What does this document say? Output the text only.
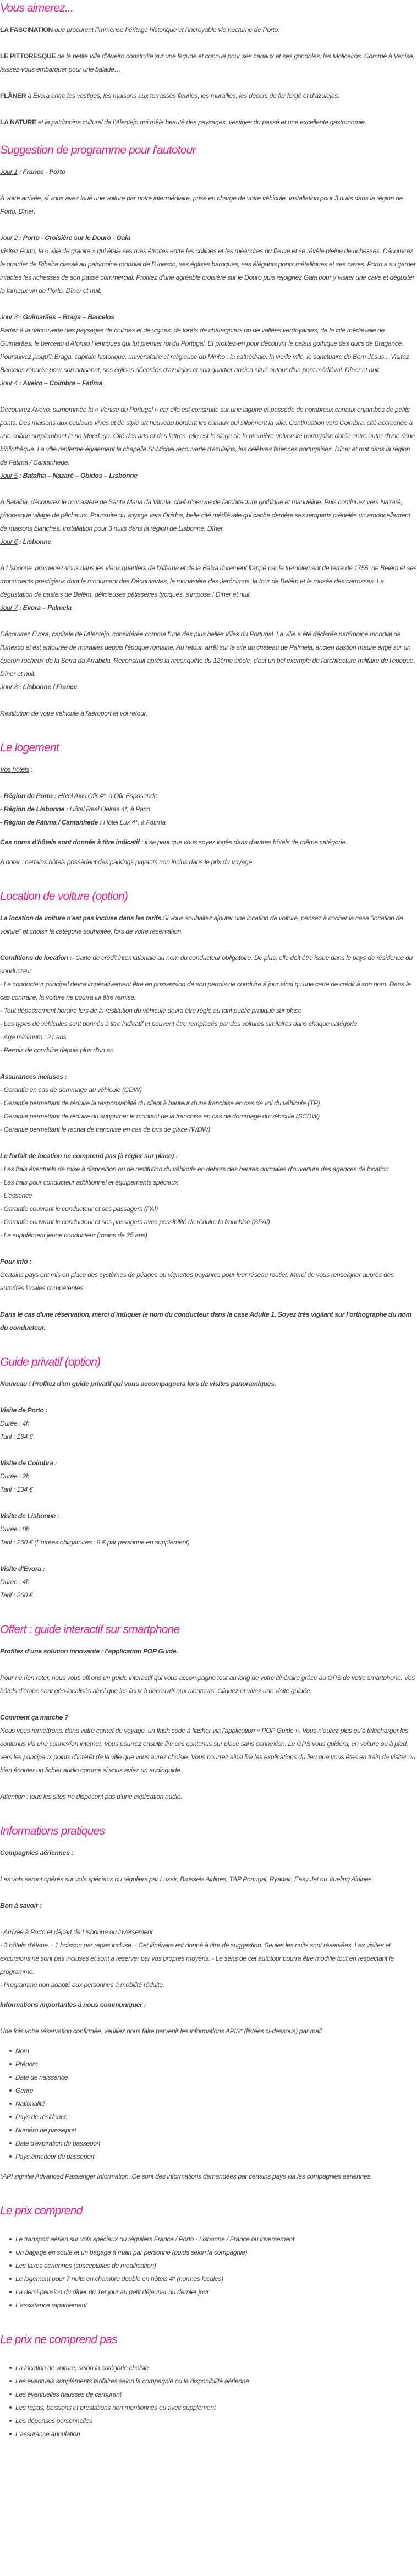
Vous aimerez...

LA FASCINATION que procurent l’immense héritage historique et l’incroyable vie nocturne de Porto.

LE PITTORESQUE de la petite ville d’Aveiro construite sur une lagune et connue pour ses canaux et ses gondoles, les Moliceiros. Comme à Venise, laissez-vous embarquer pour une balade…

FLÂNER à Évora entre les vestiges, les maisons aux terrasses fleuries, les murailles, les décors de fer forgé et d’azulejos.

LA NATURE et le patrimoine culturel de l’Alentejo qui mêle beauté des paysages, vestiges du passé et une excellente gastronomie.

Suggestion de programme pour l'autotour

Jour 1 : France - Porto

À votre arrivée, si vous avez loué une voiture par notre intermédiaire, prise en charge de votre véhicule. Installation pour 3 nuits dans la région de Porto. Dîner.

Jour 2 : Porto - Croisière sur le Douro - Gaia

Visitez Porto, la « ville de granite » qui étale ses rues étroites entre les collines et les méandres du fleuve et se révèle pleine de richesses. Découvrez le quartier de Ribeira classé au patrimoine mondial de l'Unesco, ses églises baroques, ses élégants ponts métalliques et ses caves. Porto a su garder intactes les richesses de son passé commercial. Profitez d'une agréable croisière sur le Douro puis rejoignez Gaia pour y visiter une cave et déguster le fameux vin de Porto. Dîner et nuit.

Jour 3 : Guimarães – Braga – Barcelos

Partez à la découverte des paysages de collines et de vignes, de forêts de châtaigniers ou de vallées verdoyantes, de la cité médiévale de Guimarães, le berceau d'Afonso Henriques qui fut premier roi du Portugal. Et profitez-en pour découvrir le palais gothique des ducs de Bragance. Poursuivez jusqu'à Braga, capitale historique, universitaire et religieuse du Minho : la cathédrale, la vieille ville, le sanctuaire du Bom Jésus... Visitez Barcelos réputée pour son artisanat, ses églises décorées d'azulejos et son quartier ancien situé autour d'un pont médiéval. Dîner et nuit.

Jour 4 : Aveiro – Coimbra – Fatima

Découvrez Aveiro, surnommée la « Venise du Portugal » car elle est construite sur une lagune et possède de nombreux canaux enjambés de petits ponts. Des maisons aux couleurs vives et de style art nouveau bordent les canaux qui sillonnent la ville. Continuation vers Coimbra, cité accrochée à une colline surplombant le rio Mondego. Cité des arts et des lettres, elle est le siège de la première université portugaise dotée entre autre d'une riche bibliothèque. La ville renferme également la chapelle St-Michel recouverte d'azulejos, les célèbres faïences portugaises. Dîner et nuit dans la région de Fátima / Cantanhede.

Jour 5 : Batalha – Nazaré – Obidos – Lisbonne

À Batalha, découvrez le monastère de Santa Maria da Vitoria, chef-d'oeuvre de l'architecture gothique et manuéline. Puis continuez vers Nazaré, pittoresque village de pêcheurs. Poursuite du voyage vers Obidos, belle cité médiévale qui cache derrière ses remparts crénelés un amoncellement de maisons blanches. Installation pour 3 nuits dans la région de Lisbonne. Dîner.

Jour 6 : Lisbonne

À Lisbonne, promenez-vous dans les vieux quartiers de l'Alfama et de la Baixa durement frappé par le tremblement de terre de 1755, de Belém et ses monuments prestigieux dont le monument des Découvertes, le monastère des Jerónimos, la tour de Belém et le musée des carrosses. La dégustation de pastéis de Belém, délicieuses pâtisseries typiques, s'impose ! Dîner et nuit.

Jour 7 : Evora – Palmela

Découvrez Évora, capitale de l'Alentejo, considérée comme l'une des plus belles villes du Portugal. La ville a été déclarée patrimoine mondial de l'Unesco et est entourée de murailles depuis l'époque romaine. Au retour, arrêt sur le site du château de Palmela, ancien bastion maure érigé sur un éperon rocheux de la Serra da Arrabida. Reconstruit après la reconquête du 12ème siècle, c'est un bel exemple de l'architecture militaire de l'époque. Dîner et nuit.

Jour 8 : Lisbonne / France

Restitution de votre véhicule à l'aéroport et vol retour.

Le logement

Vos hôtels :

- Région de Porto : Hôtel Axis Ofir 4*, à Ofir Esposende

- Région de Lisbonne : Hôtel Real Oeiras 4*, à Paco

- Région de Fátima / Cantanhede : Hôtel Lux 4*, à Fàtima

Ces noms d'hôtels sont donnés à titre indicatif : il se peut que vous soyez logés dans d'autres hôtels de même catégorie.

A noter : certains hôtels possèdent des parkings payants non inclus dans le prix du voyage

Location de voiture (option)

La location de voiture n'est pas incluse dans les tarifs.Si vous souhaitez ajouter une location de voiture, pensez à cocher la case "location de voiture" et choisir la catégorie souhaitée, lors de votre réservation.

Conditions de location :- Carte de crédit internationale au nom du conducteur obligatoire. De plus, elle doit être issue dans le pays de résidence du conducteur

- Le conducteur principal devra impérativement être en possession de son permis de conduire à jour ainsi qu'une carte de crédit à son nom. Dans le cas contraire, la voiture ne pourra lui être remise.

- Tout dépassement horaire lors de la restitution du véhicule devra être réglé au tarif public pratiqué sur place

- Les types de véhicules sont donnés à titre indicatif et peuvent être remplacés par des voitures similaires dans chaque catégorie

- Age minimum : 21 ans

- Permis de conduire depuis plus d'un an

Assurances incluses :

- Garantie en cas de dommage au véhicule (CDW)

- Garantie permettant de réduire la responsabilité du client à hauteur d'une franchise en cas de vol du véhicule (TP)

- Garantie permettant de réduire ou supprimer le montant de la franchise en cas de dommage du véhicule (SCDW)

- Garantie permettant le rachat de franchise en cas de bris de glace (WDW)

Le forfait de location ne comprend pas (à régler sur place) :

- Les frais éventuels de mise à disposition ou de restitution du véhicule en dehors des heures normales d'ouverture des agences de location

- Les frais pour conducteur additionnel et équipements spéciaux

- L'essence

- Garantie couvrant le conducteur et ses passagers (PAI)

- Garantie couvrant le conducteur et ses passagers avec possibilité de réduire la franchise (SPAI)

- Le supplément jeune conducteur (moins de 25 ans)

Pour info :

Certains pays ont mis en place des systèmes de péages ou vignettes payantes pour leur réseau routier. Merci de vous renseigner auprès des autorités locales compétentes.

Dans le cas d'une réservation, merci d'indiquer le nom du conducteur dans la case Adulte 1. Soyez très vigilant sur l’orthographe du nom du conducteur.

Guide privatif (option)

Nouveau ! Profitez d'un guide privatif qui vous accompagnera lors de visites panoramiques.

Visite de Porto :

Durée : 4h

Tarif : 134 €

Visite de Coimbra :

Durée : 2h

Tarif : 134 €

Visite de Lisbonne :

Durée : 8h

Tarif : 260 € (Entrées obligatoires : 8 € par personne en supplément)

Visite d'Evora :

Durée : 4h

Tarif : 260 €

Offert : guide interactif sur smartphone

Profitez d’une solution innovante : l’application POP Guide.

Pour ne rien rater, nous vous offrons un guide interactif qui vous accompagne tout au long de votre itinéraire grâce au GPS de votre smartphone. Vos hôtels d’étape sont géo-localisés ainsi que les lieux à découvrir aux alentours. Cliquez et vivez une visite guidée.

Comment ça marche ?

Nous vous remettrons, dans votre carnet de voyage, un flash code à flasher via l’application « POP Guide ». Vous n’aurez plus qu’à télécharger les contenus via une connexion internet. Vous pourrez ensuite lire ces contenus sur place sans connexion. Le GPS vous guidera, en voiture ou à pied, vers les principaux points d’intérêt de la ville que vous aurez choisie. Vous pourrez ainsi lire les explications du lieu que vous êtes en train de visiter ou bien écouter un fichier audio comme si vous aviez un audioguide.

Attention : tous les sites ne disposent pas d’une explication audio.

Informations pratiques

Compagnies aériennes :

Les vols seront opérés sur vols spéciaux ou réguliers par Luxair, Brussels Airlines, TAP Portugal, Ryanair, Easy Jet ou Vueling Airlines.

Bon à savoir :

- Arrivée à Porto et départ de Lisbonne ou inversement.

- 3 hôtels d'étape. - 1 boisson par repas incluse. - Cet itinéraire est donné à titre de suggestion. Seules les nuits sont réservées. Les visites et excursions ne sont pas incluses et sont à réserver par vos propres moyens. - Le sens de cet autotour pourra être modifié tout en respectant le programme.

- Programme non adapté aux personnes à mobilité réduite.

Informations importantes à nous communiquer :

Une fois votre réservation confirmée, veuillez nous faire parvenir les informations APIS* (listées ci-dessous) par mail.

Nom
Prénom
Date de naissance
Genre
Nationalité
Pays de résidence
Numéro de passeport
Date d'expiration du passeport
Pays émetteur du passeport

*API signifie Advanced Passenger Information. Ce sont des informations demandées par certains pays via les compagnies aériennes.

Le prix comprend
Le transport aérien sur vols spéciaux ou réguliers France / Porto - Lisbonne / France ou inversement
Un bagage en soute et un bagage à main par personne (poids selon la compagnie)
Les taxes aériennes (susceptibles de modification)
Le logement pour 7 nuits en chambre double en hôtels 4* (normes locales)
La demi-pension du dîner du 1er jour au petit déjeuner du dernier jour
L'assistance rapatriement
Le prix ne comprend pas
La location de voiture, selon la catégorie choisie
Les éventuels suppléments tarifaires selon la compagnie ou la disponibilité aérienne
Les éventuelles hausses de carburant
Les repas, boissons et prestations non mentionnés ou avec supplément
Les dépenses personnelles
L'assurance annulation
